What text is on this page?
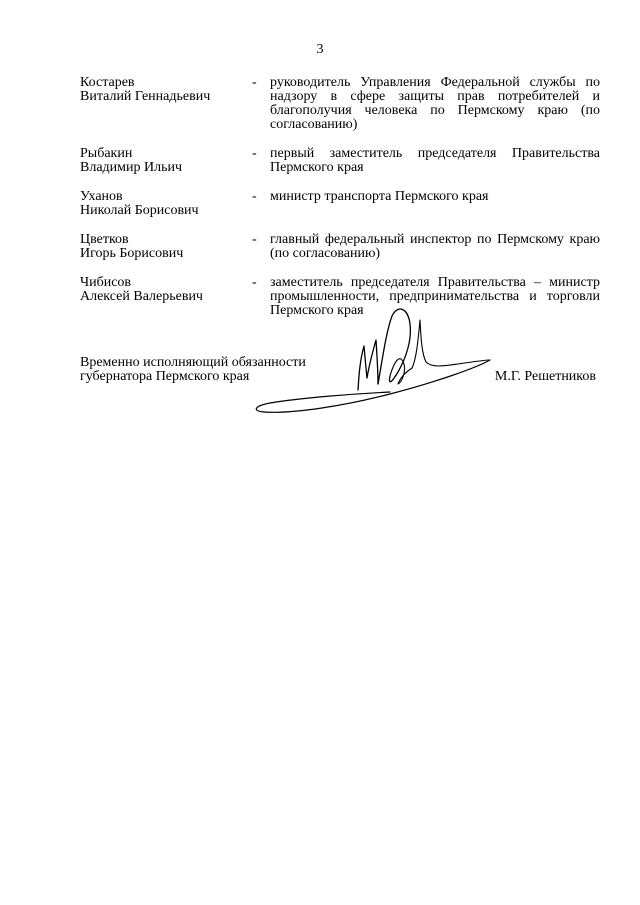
3
Костарев
Виталий Геннадьевич
- руководитель Управления Федеральной службы по надзору в сфере защиты прав потребителей и благополучия человека по Пермскому краю (по согласованию)
Рыбакин
Владимир Ильич
- первый заместитель председателя Правительства Пермского края
Уханов
Николай Борисович
- министр транспорта Пермского края
Цветков
Игорь Борисович
- главный федеральный инспектор по Пермскому краю (по согласованию)
Чибисов
Алексей Валерьевич
- заместитель председателя Правительства – министр промышленности, предпринимательства и торговли Пермского края
Временно исполняющий обязанности
губернатора Пермского края	М.Г. Решетников
